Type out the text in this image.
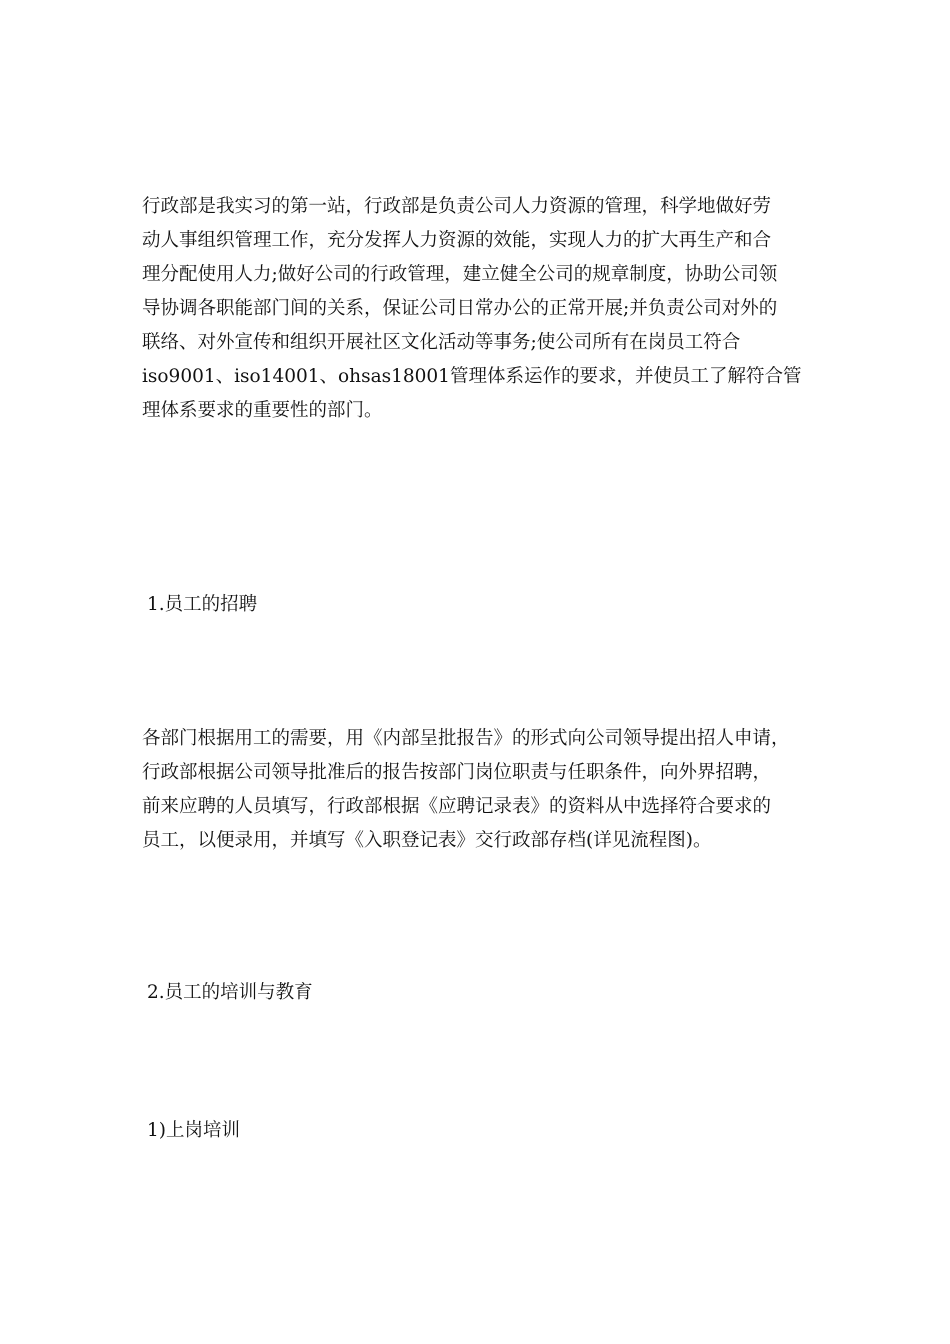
行政部是我实习的第一站，行政部是负责公司人力资源的管理，科学地做好劳
动人事组织管理工作，充分发挥人力资源的效能，实现人力的扩大再生产和合
理分配使用人力;做好公司的行政管理，建立健全公司的规章制度，协助公司领
导协调各职能部门间的关系，保证公司日常办公的正常开展;并负责公司对外的
联络、对外宣传和组织开展社区文化活动等事务;使公司所有在岗员工符合
iso9001、iso14001、ohsas18001管理体系运作的要求，并使员工了解符合管
理体系要求的重要性的部门。
1.员工的招聘
各部门根据用工的需要，用《内部呈批报告》的形式向公司领导提出招人申请，
行政部根据公司领导批准后的报告按部门岗位职责与任职条件，向外界招聘，
前来应聘的人员填写，行政部根据《应聘记录表》的资料从中选择符合要求的
员工，以便录用，并填写《入职登记表》交行政部存档(详见流程图)。
2.员工的培训与教育
1)上岗培训
